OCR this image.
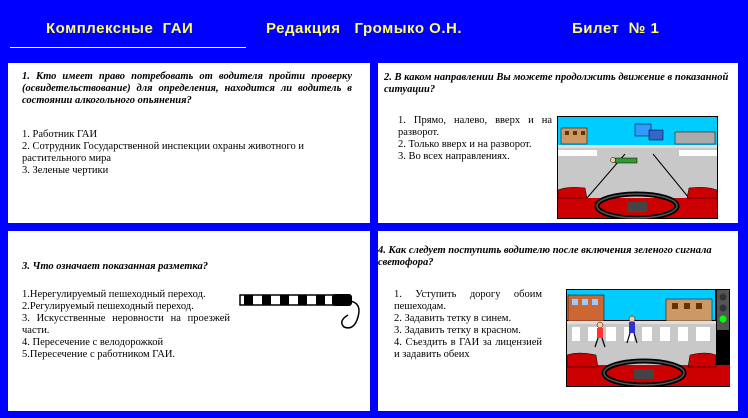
Комплексные  ГАИ	Редакция   Громыко О.Н.	Билет  № 1
1. Кто имеет право потребовать от водителя пройти проверку (освидетельствование) для определения, находится ли водитель в состоянии алкогольного опьянения?
1. Работник ГАИ
2. Сотрудник Государственной инспекции охраны животного и растительного мира
3. Зеленые чертики
2. В каком направлении Вы можете продолжить движение в показанной ситуации?
1. Прямо, налево, вверх и на разворот.
2. Только вверх и на разворот.
3. Во всех направлениях.
3. Что означает показанная разметка?
1.Нерегулируемый пешеходный переход.
2.Регулируемый пешеходный переход.
3. Искусственные неровности на проезжей части.
4. Пересечение с велодорожкой
5.Пересечение с работником ГАИ.
4. Как следует поступить водителю после включения зеленого сигнала светофора?
1. Уступить дорогу обоим пешеходам.
2. Задавить тетку в синем.
3. Задавить тетку в красном.
4. Съездить в ГАИ за лицензией и задавить обеих
